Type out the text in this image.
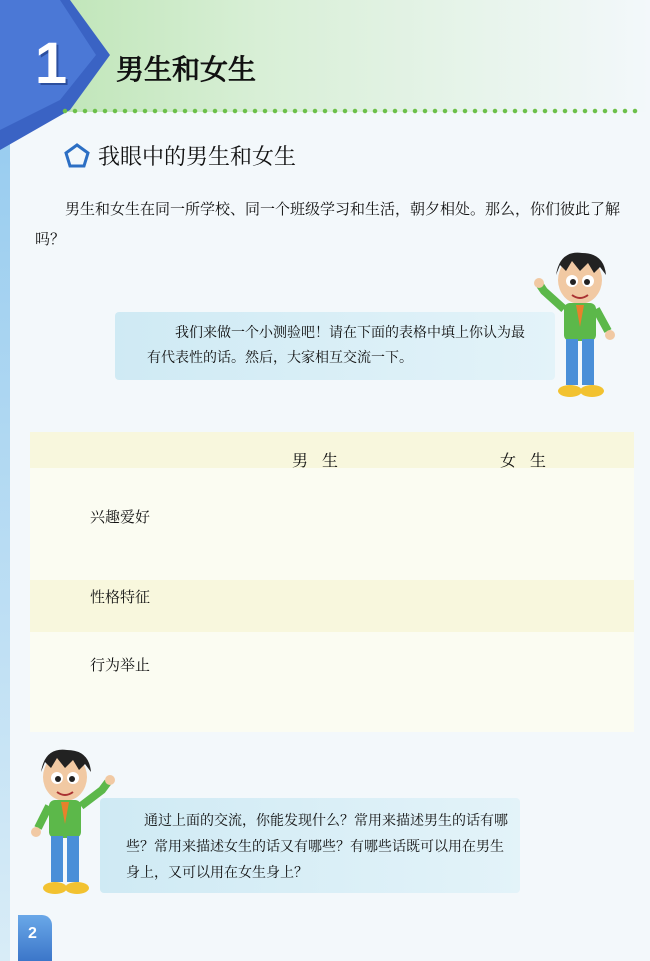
1	男生和女生
我眼中的男生和女生
男生和女生在同一所学校、同一个班级学习和生活，朝夕相处。那么，你们彼此了解吗？

我们来做一个小测验吧！请在下面的表格中填上你认为最有代表性的话。然后，大家相互交流一下。

男生	女生
兴趣爱好
性格特征
行为举止

通过上面的交流，你能发现什么？常用来描述男生的话有哪些？常用来描述女生的话又有哪些？有哪些话既可以用在男生身上，又可以用在女生身上？

2
